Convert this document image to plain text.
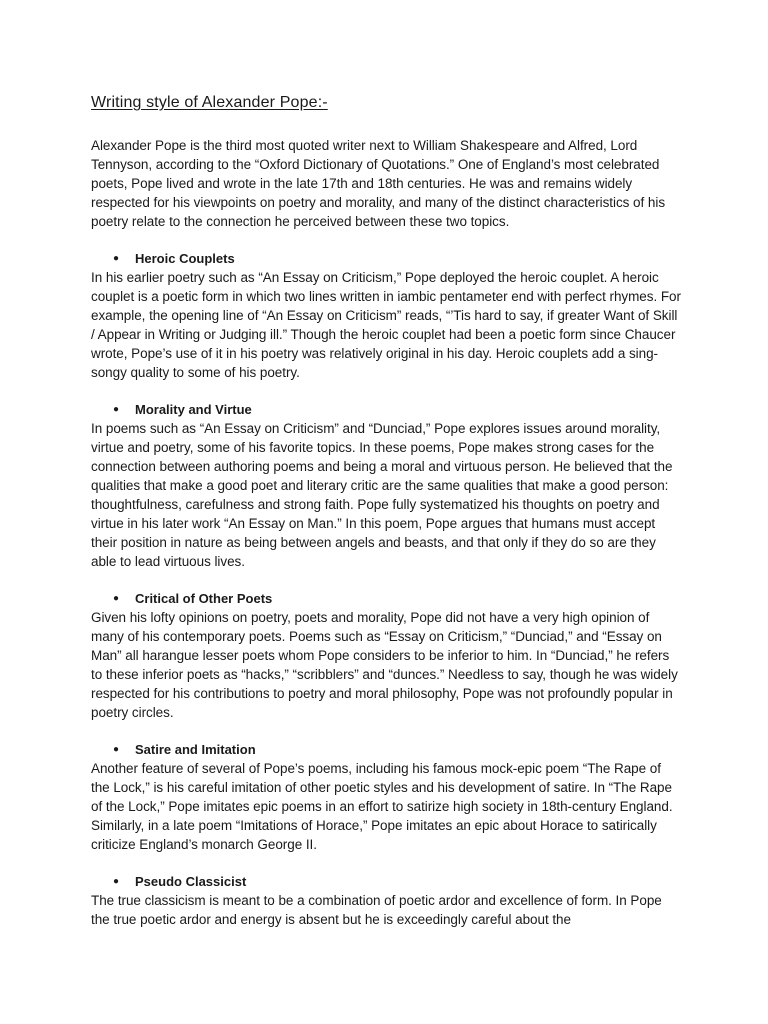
Writing style of Alexander Pope:-

Alexander Pope is the third most quoted writer next to William Shakespeare and Alfred, Lord Tennyson, according to the “Oxford Dictionary of Quotations.” One of England’s most celebrated poets, Pope lived and wrote in the late 17th and 18th centuries. He was and remains widely respected for his viewpoints on poetry and morality, and many of the distinct characteristics of his poetry relate to the connection he perceived between these two topics.

●	Heroic Couplets

In his earlier poetry such as “An Essay on Criticism,” Pope deployed the heroic couplet. A heroic couplet is a poetic form in which two lines written in iambic pentameter end with perfect rhymes. For example, the opening line of “An Essay on Criticism” reads, “’Tis hard to say, if greater Want of Skill / Appear in Writing or Judging ill.” Though the heroic couplet had been a poetic form since Chaucer wrote, Pope’s use of it in his poetry was relatively original in his day. Heroic couplets add a sing-songy quality to some of his poetry.

●	Morality and Virtue

In poems such as “An Essay on Criticism” and “Dunciad,” Pope explores issues around morality, virtue and poetry, some of his favorite topics. In these poems, Pope makes strong cases for the connection between authoring poems and being a moral and virtuous person. He believed that the qualities that make a good poet and literary critic are the same qualities that make a good person: thoughtfulness, carefulness and strong faith. Pope fully systematized his thoughts on poetry and virtue in his later work “An Essay on Man.” In this poem, Pope argues that humans must accept their position in nature as being between angels and beasts, and that only if they do so are they able to lead virtuous lives.

●	Critical of Other Poets

Given his lofty opinions on poetry, poets and morality, Pope did not have a very high opinion of many of his contemporary poets. Poems such as “Essay on Criticism,” “Dunciad,” and “Essay on Man” all harangue lesser poets whom Pope considers to be inferior to him. In “Dunciad,” he refers to these inferior poets as “hacks,” “scribblers” and “dunces.” Needless to say, though he was widely respected for his contributions to poetry and moral philosophy, Pope was not profoundly popular in poetry circles.

●	Satire and Imitation

Another feature of several of Pope’s poems, including his famous mock-epic poem “The Rape of the Lock,” is his careful imitation of other poetic styles and his development of satire. In “The Rape of the Lock,” Pope imitates epic poems in an effort to satirize high society in 18th-century England. Similarly, in a late poem “Imitations of Horace,” Pope imitates an epic about Horace to satirically criticize England’s monarch George II.

●	Pseudo Classicist

The true classicism is meant to be a combination of poetic ardor and excellence of form. In Pope the true poetic ardor and energy is absent but he is exceedingly careful about the
